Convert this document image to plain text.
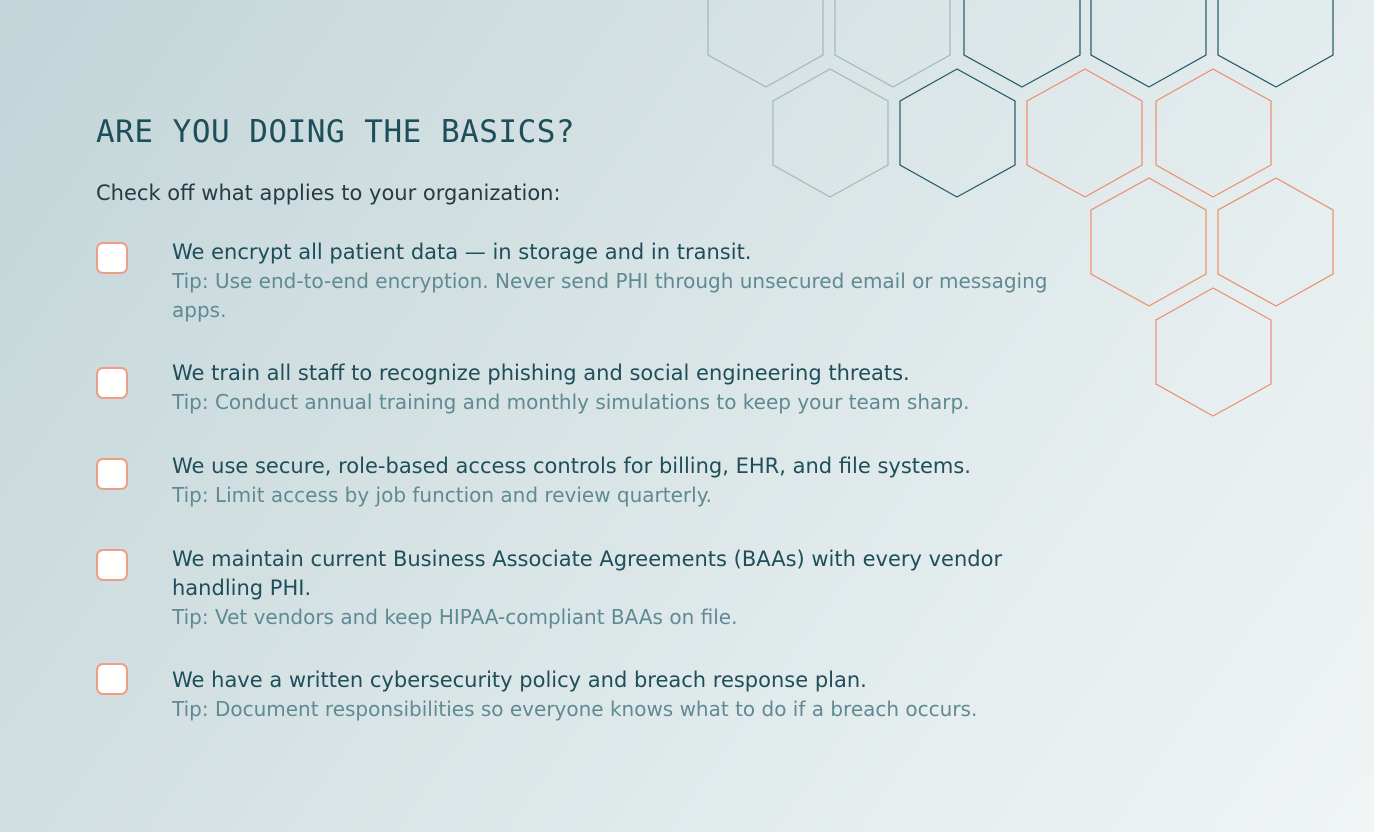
ARE YOU DOING THE BASICS?

Check off what applies to your organization:

We encrypt all patient data — in storage and in transit.
Tip: Use end-to-end encryption. Never send PHI through unsecured email or messaging apps.
We train all staff to recognize phishing and social engineering threats.
Tip: Conduct annual training and monthly simulations to keep your team sharp.
We use secure, role-based access controls for billing, EHR, and file systems.
Tip: Limit access by job function and review quarterly.
We maintain current Business Associate Agreements (BAAs) with every vendor handling PHI.
Tip: Vet vendors and keep HIPAA-compliant BAAs on file.
We have a written cybersecurity policy and breach response plan.
Tip: Document responsibilities so everyone knows what to do if a breach occurs.
